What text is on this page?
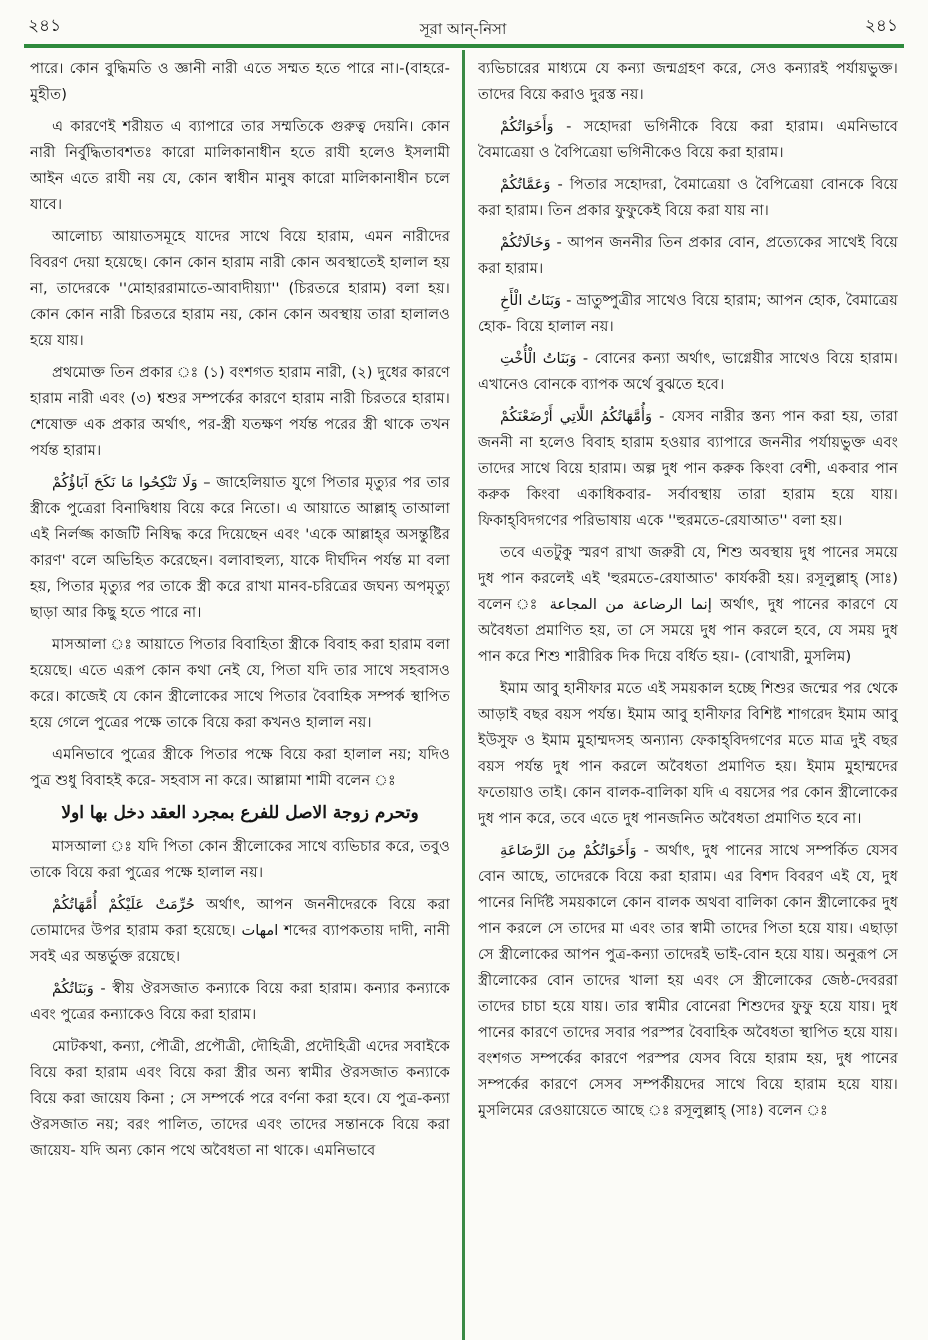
২৪১	সূরা আন্‌-নিসা	২৪১

পারে। কোন বুদ্ধিমতি ও জ্ঞানী নারী এতে সম্মত হতে পারে না।-(বাহরে-মুহীত)

এ কারণেই শরীয়ত এ ব্যাপারে তার সম্মতিকে গুরুত্ব দেয়নি। কোন নারী নির্বুদ্ধিতাবশতঃ কারো মালিকানাধীন হতে রাযী হলেও ইসলামী আইন এতে রাযী নয় যে, কোন স্বাধীন মানুষ কারো মালিকানাধীন চলে যাবে।

আলোচ্য আয়াতসমূহে যাদের সাথে বিয়ে হারাম, এমন নারীদের বিবরণ দেয়া হয়েছে। কোন কোন হারাম নারী কোন অবস্থাতেই হালাল হয় না, তাদেরকে ''মোহাররামাতে-আবাদীয়্যা'' (চিরতরে হারাম) বলা হয়। কোন কোন নারী চিরতরে হারাম নয়, কোন কোন অবস্থায় তারা হালালও হয়ে যায়।

প্রথমোক্ত তিন প্রকার ঃ (১) বংশগত হারাম নারী, (২) দুধের কারণে হারাম নারী এবং (৩) শ্বশুর সম্পর্কের কারণে হারাম নারী চিরতরে হারাম। শেষোক্ত এক প্রকার অর্থাৎ, পর-স্ত্রী যতক্ষণ পর্যন্ত পরের স্ত্রী থাকে তখন পর্যন্ত হারাম।

وَلَا تَنْكِحُوا مَا نَكَحَ آبَاؤُكُمْ – জাহেলিয়াত যুগে পিতার মৃত্যুর পর তার স্ত্রীকে পুত্রেরা বিনাদ্বিধায় বিয়ে করে নিতো। এ আয়াতে আল্লাহ্ তাআলা এই নির্লজ্জ কাজটি নিষিদ্ধ করে দিয়েছেন এবং 'একে আল্লাহ্‌র অসন্তুষ্টির কারণ' বলে অভিহিত করেছেন। বলাবাহুল্য, যাকে দীর্ঘদিন পর্যন্ত মা বলা হয়, পিতার মৃত্যুর পর তাকে স্ত্রী করে রাখা মানব-চরিত্রের জঘন্য অপমৃত্যু ছাড়া আর কিছু হতে পারে না।

মাসআলা ঃ আয়াতে পিতার বিবাহিতা স্ত্রীকে বিবাহ করা হারাম বলা হয়েছে। এতে এরূপ কোন কথা নেই যে, পিতা যদি তার সাথে সহবাসও করে। কাজেই যে কোন স্ত্রীলোকের সাথে পিতার বৈবাহিক সম্পর্ক স্থাপিত হয়ে গেলে পুত্রের পক্ষে তাকে বিয়ে করা কখনও হালাল নয়।

এমনিভাবে পুত্রের স্ত্রীকে পিতার পক্ষে বিয়ে করা হালাল নয়; যদিও পুত্র শুধু বিবাহই করে- সহবাস না করে। আল্লামা শামী বলেন ঃ

وتحرم زوجة الاصل للفرع بمجرد العقد دخل بها اولا

মাসআলা ঃ যদি পিতা কোন স্ত্রীলোকের সাথে ব্যভিচার করে, তবুও তাকে বিয়ে করা পুত্রের পক্ষে হালাল নয়।

حُرِّمَتْ عَلَيْكُمْ أُمَّهَاتُكُمْ অর্থাৎ, আপন জননীদেরকে বিয়ে করা তোমাদের উপর হারাম করা হয়েছে। امهات শব্দের ব্যাপকতায় দাদী, নানী সবই এর অন্তর্ভুক্ত রয়েছে।

وَبَنَاتُكُمْ - স্বীয় ঔরসজাত কন্যাকে বিয়ে করা হারাম। কন্যার কন্যাকে এবং পুত্রের কন্যাকেও বিয়ে করা হারাম।

মোটকথা, কন্যা, পৌত্রী, প্রপৌত্রী, দৌহিত্রী, প্রদৌহিত্রী এদের সবাইকে বিয়ে করা হারাম এবং বিয়ে করা স্ত্রীর অন্য স্বামীর ঔরসজাত কন্যাকে বিয়ে করা জায়েয কিনা ; সে সম্পর্কে পরে বর্ণনা করা হবে। যে পুত্র-কন্যা ঔরসজাত নয়; বরং পালিত, তাদের এবং তাদের সন্তানকে বিয়ে করা জায়েয- যদি অন্য কোন পথে অবৈধতা না থাকে। এমনিভাবে

ব্যভিচারের মাধ্যমে যে কন্যা জন্মগ্রহণ করে, সেও কন্যারই পর্যায়ভুক্ত। তাদের বিয়ে করাও দুরস্ত নয়।

وَأَخَوَاتُكُمْ - সহোদরা ভগিনীকে বিয়ে করা হারাম। এমনিভাবে বৈমাত্রেয়া ও বৈপিত্রেয়া ভগিনীকেও বিয়ে করা হারাম।

وَعَمَّاتُكُمْ - পিতার সহোদরা, বৈমাত্রেয়া ও বৈপিত্রেয়া বোনকে বিয়ে করা হারাম। তিন প্রকার ফুফুকেই বিয়ে করা যায় না।

وَخَالَاتُكُمْ - আপন জননীর তিন প্রকার বোন, প্রত্যেকের সাথেই বিয়ে করা হারাম।

وَبَنَاتُ الْأَخِ - ভ্রাতুষ্পুত্রীর সাথেও বিয়ে হারাম; আপন হোক, বৈমাত্রেয় হোক- বিয়ে হালাল নয়।

وَبَنَاتُ الْأُخْتِ - বোনের কন্যা অর্থাৎ, ভাগ্নেয়ীর সাথেও বিয়ে হারাম। এখানেও বোনকে ব্যাপক অর্থে বুঝতে হবে।

وَأُمَّهَاتُكُمُ اللَّاتِي أَرْضَعْنَكُمْ - যেসব নারীর স্তন্য পান করা হয়, তারা জননী না হলেও বিবাহ হারাম হওয়ার ব্যাপারে জননীর পর্যায়ভুক্ত এবং তাদের সাথে বিয়ে হারাম। অল্প দুধ পান করুক কিংবা বেশী, একবার পান করুক কিংবা একাধিকবার- সর্বাবস্থায় তারা হারাম হয়ে যায়। ফিকাহ্‌বিদগণের পরিভাষায় একে ''হুরমতে-রেযাআত'' বলা হয়।

তবে এতটুকু স্মরণ রাখা জরুরী যে, শিশু অবস্থায় দুধ পানের সময়ে দুধ পান করলেই এই 'হুরমতে-রেযাআত' কার্যকরী হয়। রসূলুল্লাহ্ (সাঃ) বলেন ঃ إنما الرضاعة من المجاعة অর্থাৎ, দুধ পানের কারণে যে অবৈধতা প্রমাণিত হয়, তা সে সময়ে দুধ পান করলে হবে, যে সময় দুধ পান করে শিশু শারীরিক দিক দিয়ে বর্ধিত হয়।- (বোখারী, মুসলিম)

ইমাম আবু হানীফার মতে এই সময়কাল হচ্ছে শিশুর জন্মের পর থেকে আড়াই বছর বয়স পর্যন্ত। ইমাম আবু হানীফার বিশিষ্ট শাগরেদ ইমাম আবু ইউসুফ ও ইমাম মুহাম্মদসহ অন্যান্য ফেকাহ্‌বিদগণের মতে মাত্র দুই বছর বয়স পর্যন্ত দুধ পান করলে অবৈধতা প্রমাণিত হয়। ইমাম মুহাম্মদের ফতোয়াও তাই। কোন বালক-বালিকা যদি এ বয়সের পর কোন স্ত্রীলোকের দুধ পান করে, তবে এতে দুধ পানজনিত অবৈধতা প্রমাণিত হবে না।

وَأَخَوَاتُكُمْ مِنَ الرَّضَاعَةِ - অর্থাৎ, দুধ পানের সাথে সম্পর্কিত যেসব বোন আছে, তাদেরকে বিয়ে করা হারাম। এর বিশদ বিবরণ এই যে, দুধ পানের নির্দিষ্ট সময়কালে কোন বালক অথবা বালিকা কোন স্ত্রীলোকের দুধ পান করলে সে তাদের মা এবং তার স্বামী তাদের পিতা হয়ে যায়। এছাড়া সে স্ত্রীলোকের আপন পুত্র-কন্যা তাদেরই ভাই-বোন হয়ে যায়। অনুরূপ সে স্ত্রীলোকের বোন তাদের খালা হয় এবং সে স্ত্রীলোকের জেষ্ঠ-দেবররা তাদের চাচা হয়ে যায়। তার স্বামীর বোনেরা শিশুদের ফুফু হয়ে যায়। দুধ পানের কারণে তাদের সবার পরস্পর বৈবাহিক অবৈধতা স্থাপিত হয়ে যায়। বংশগত সম্পর্কের কারণে পরস্পর যেসব বিয়ে হারাম হয়, দুধ পানের সম্পর্কের কারণে সেসব সম্পর্কীয়দের সাথে বিয়ে হারাম হয়ে যায়। মুসলিমের রেওয়ায়েতে আছে ঃ রসূলুল্লাহ্ (সাঃ) বলেন ঃ
